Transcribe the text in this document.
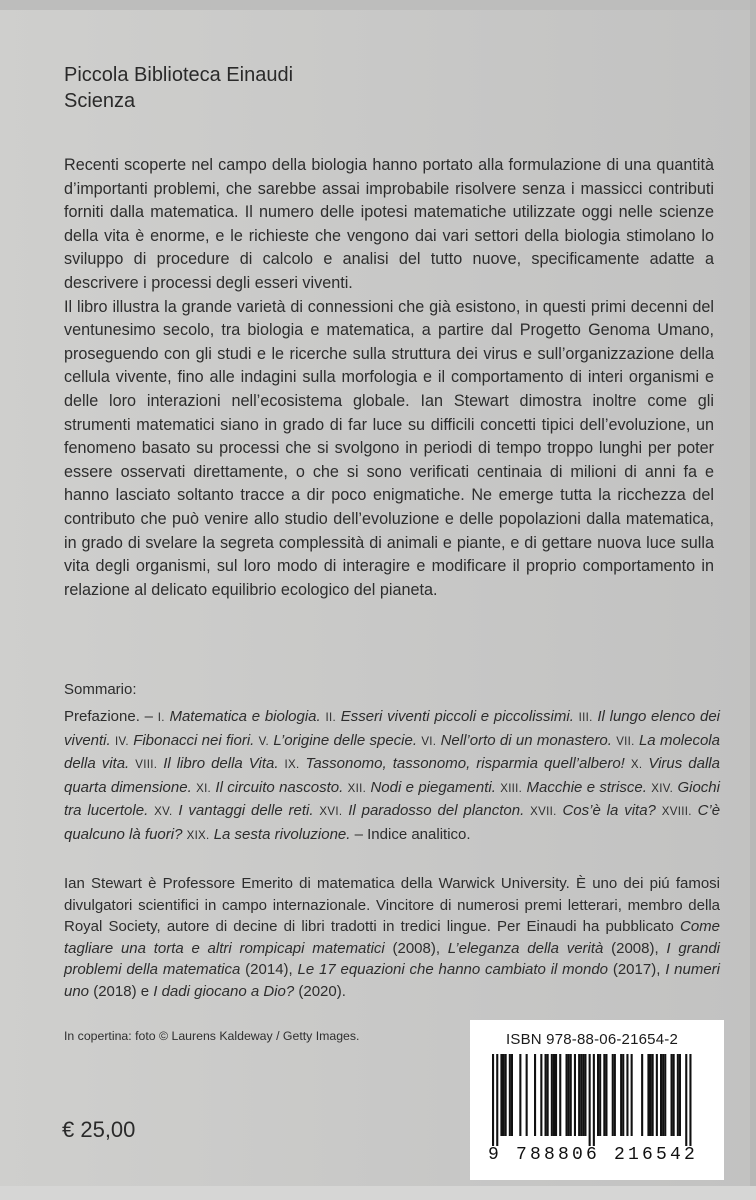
Piccola Biblioteca Einaudi
Scienza

Recenti scoperte nel campo della biologia hanno portato alla formulazione di una quantità d’importanti problemi, che sarebbe assai improbabile risolvere senza i massicci contributi forniti dalla matematica. Il numero delle ipotesi matematiche utilizzate oggi nelle scienze della vita è enorme, e le richieste che vengono dai vari settori della biologia stimolano lo sviluppo di procedure di calcolo e analisi del tutto nuove, specificamente adatte a descrivere i processi degli esseri viventi.

Il libro illustra la grande varietà di connessioni che già esistono, in questi primi decenni del ventunesimo secolo, tra biologia e matematica, a partire dal Progetto Genoma Umano, proseguendo con gli studi e le ricerche sulla struttura dei virus e sull’organizzazione della cellula vivente, fino alle indagini sulla morfologia e il comportamento di interi organismi e delle loro interazioni nell’ecosistema globale. Ian Stewart dimostra inoltre come gli strumenti matematici siano in grado di far luce su difficili concetti tipici dell’evoluzione, un fenomeno basato su processi che si svolgono in periodi di tempo troppo lunghi per poter essere osservati direttamente, o che si sono verificati centinaia di milioni di anni fa e hanno lasciato soltanto tracce a dir poco enigmatiche. Ne emerge tutta la ricchezza del contributo che può venire allo studio dell’evoluzione e delle popolazioni dalla matematica, in grado di svelare la segreta complessità di animali e piante, e di gettare nuova luce sulla vita degli organismi, sul loro modo di interagire e modificare il proprio comportamento in relazione al delicato equilibrio ecologico del pianeta.

Sommario:
Prefazione. – I. Matematica e biologia. II. Esseri viventi piccoli e piccolissimi. III. Il lungo elenco dei viventi. IV. Fibonacci nei fiori. V. L’origine delle specie. VI. Nell’orto di un monastero. VII. La molecola della vita. VIII. Il libro della Vita. IX. Tassonomo, tassonomo, risparmia quell’albero! X. Virus dalla quarta dimensione. XI. Il circuito nascosto. XII. Nodi e piegamenti. XIII. Macchie e strisce. XIV. Giochi tra lucertole. XV. I vantaggi delle reti. XVI. Il paradosso del plancton. XVII. Cos’è la vita? XVIII. C’è qualcuno là fuori? XIX. La sesta rivoluzione. – Indice analitico.
Ian Stewart è Professore Emerito di matematica della Warwick University. È uno dei piú famosi divulgatori scientifici in campo internazionale. Vincitore di numerosi premi letterari, membro della Royal Society, autore di decine di libri tradotti in tredici lingue. Per Einaudi ha pubblicato Come tagliare una torta e altri rompicapi matematici (2008), L’eleganza della verità (2008), I grandi problemi della matematica (2014), Le 17 equazioni che hanno cambiato il mondo (2017), I numeri uno (2018) e I dadi giocano a Dio? (2020).
In copertina: foto © Laurens Kaldeway / Getty Images.
€ 25,00
ISBN 978-88-06-21654-2
9 788806 216542
